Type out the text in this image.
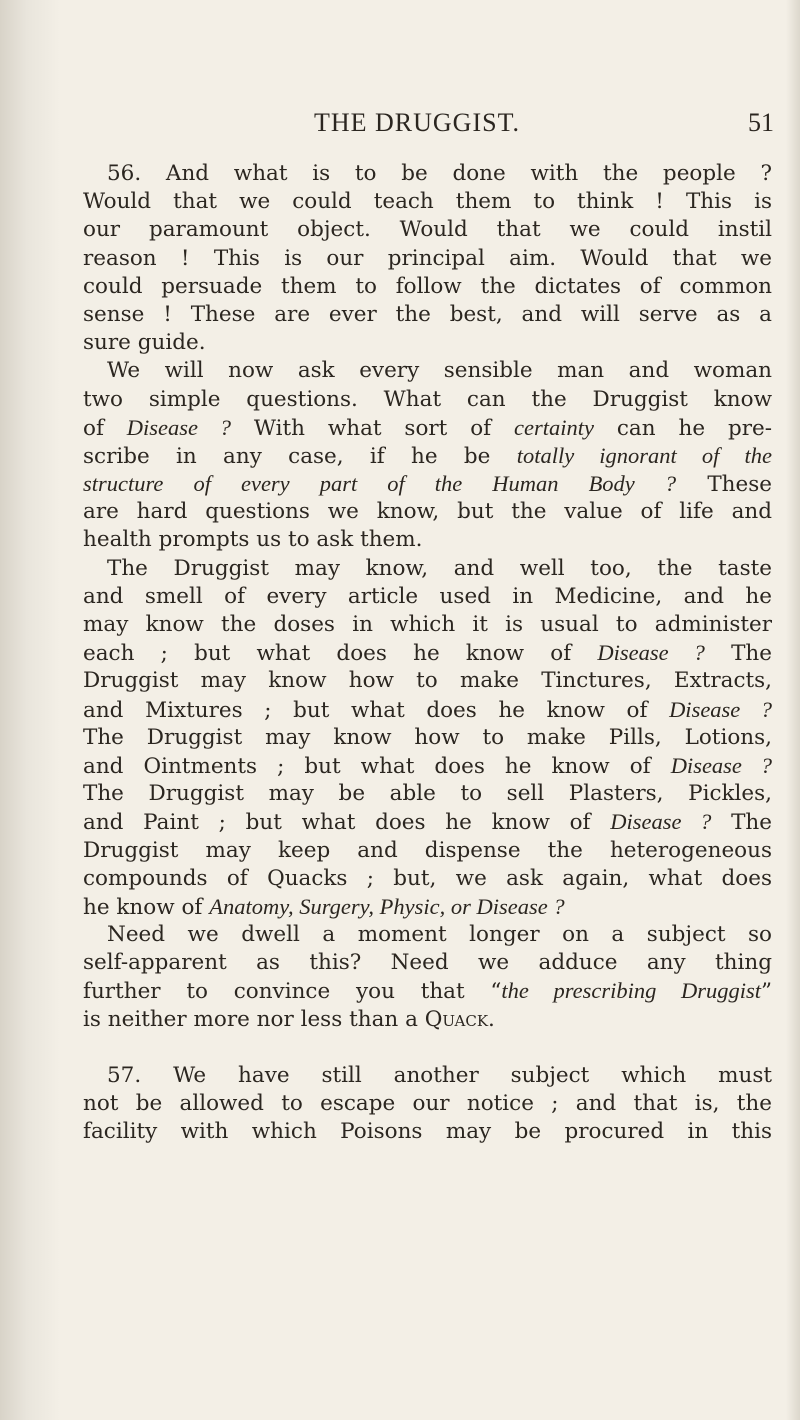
THE DRUGGIST.	51
56. And what is to be done with the people ?
Would that we could teach them to think ! This is
our paramount object. Would that we could instil
reason ! This is our principal aim. Would that we
could persuade them to follow the dictates of common
sense ! These are ever the best, and will serve as a
sure guide.
We will now ask every sensible man and woman
two simple questions. What can the Druggist know
of Disease ? With what sort of certainty can he pre-
scribe in any case, if he be totally ignorant of the
structure of every part of the Human Body ? These
are hard questions we know, but the value of life and
health prompts us to ask them.
The Druggist may know, and well too, the taste
and smell of every article used in Medicine, and he
may know the doses in which it is usual to administer
each ; but what does he know of Disease ? The
Druggist may know how to make Tinctures, Extracts,
and Mixtures ; but what does he know of Disease ?
The Druggist may know how to make Pills, Lotions,
and Ointments ; but what does he know of Disease ?
The Druggist may be able to sell Plasters, Pickles,
and Paint ; but what does he know of Disease ? The
Druggist may keep and dispense the heterogeneous
compounds of Quacks ; but, we ask again, what does
he know of Anatomy, Surgery, Physic, or Disease ?
Need we dwell a moment longer on a subject so
self-apparent as this? Need we adduce any thing
further to convince you that “the prescribing Druggist”
is neither more nor less than a Quack.
57. We have still another subject which must
not be allowed to escape our notice ; and that is, the
facility with which Poisons may be procured in this
